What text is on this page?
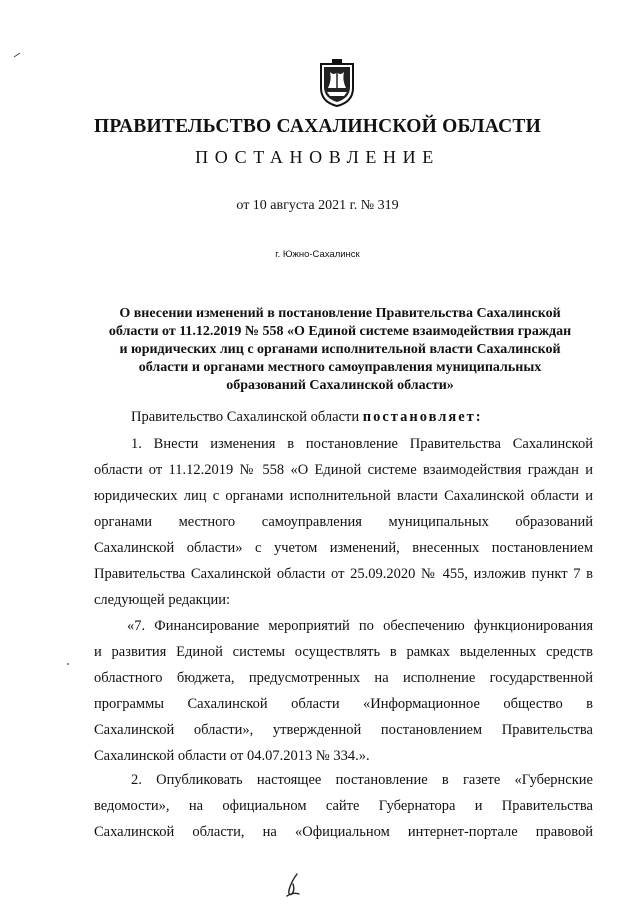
ПРАВИТЕЛЬСТВО САХАЛИНСКОЙ ОБЛАСТИ
ПОСТАНОВЛЕНИЕ
от 10 августа 2021 г. № 319
г. Южно-Сахалинск
О внесении изменений в постановление Правительства Сахалинской
области от 11.12.2019 № 558 «О Единой системе взаимодействия граждан
и юридических лиц с органами исполнительной власти Сахалинской
области и органами местного самоуправления муниципальных
образований Сахалинской области»
Правительство Сахалинской области постановляет:
1. Внести изменения в постановление Правительства Сахалинской
области от 11.12.2019 № 558 «О Единой системе взаимодействия граждан и
юридических лиц с органами исполнительной власти Сахалинской области и
органами местного самоуправления муниципальных образований
Сахалинской области» с учетом изменений, внесенных постановлением
Правительства Сахалинской области от 25.09.2020 № 455, изложив пункт 7 в
следующей редакции:
«7. Финансирование мероприятий по обеспечению функционирования
и развития Единой системы осуществлять в рамках выделенных средств
областного бюджета, предусмотренных на исполнение государственной
программы Сахалинской области «Информационное общество в
Сахалинской области», утвержденной постановлением Правительства
Сахалинской области от 04.07.2013 № 334.».
2. Опубликовать настоящее постановление в газете «Губернские
ведомости», на официальном сайте Губернатора и Правительства
Сахалинской области, на «Официальном интернет-портале правовой
